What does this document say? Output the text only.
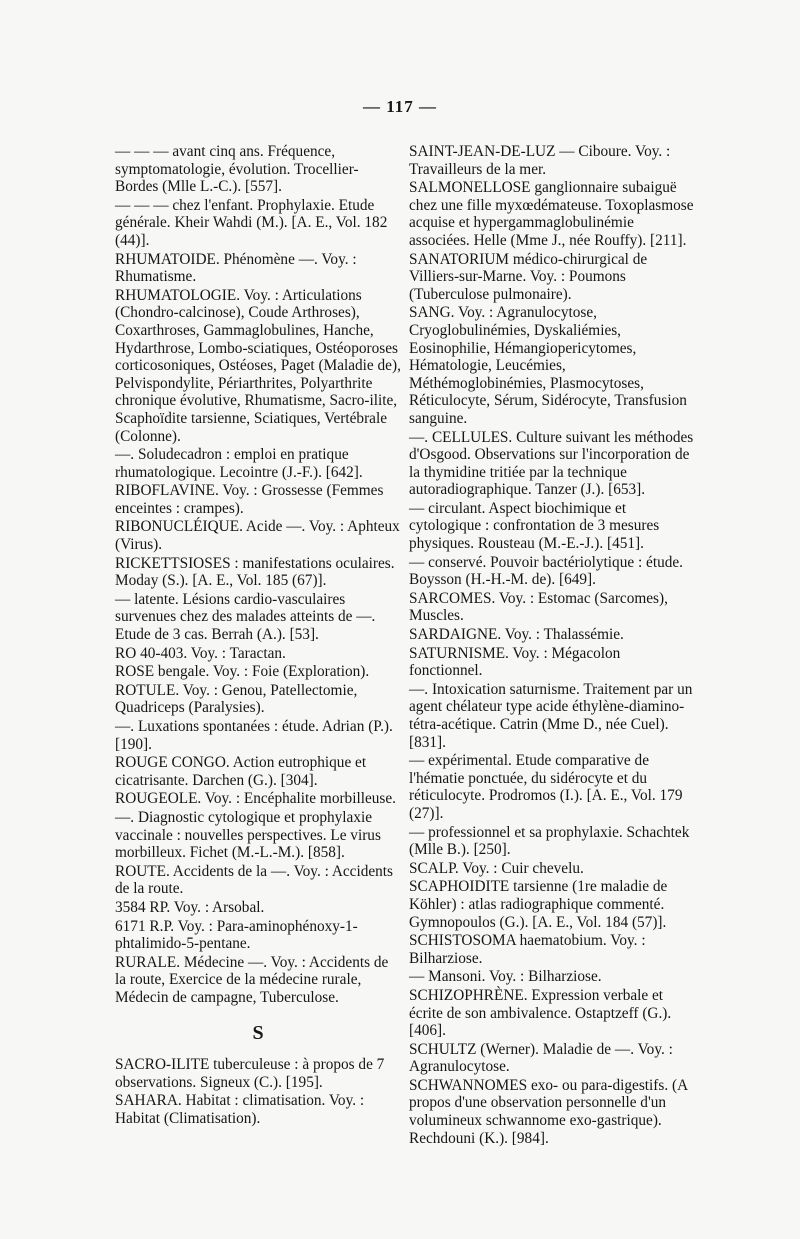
— 117 —

— — — avant cinq ans. Fréquence, symptomatologie, évolution. Trocellier-Bordes (Mlle L.-C.). [557].

— — — chez l'enfant. Prophylaxie. Etude générale. Kheir Wahdi (M.). [A. E., Vol. 182 (44)].

RHUMATOIDE. Phénomène —. Voy. : Rhumatisme.

RHUMATOLOGIE. Voy. : Articulations (Chondro-calcinose), Coude Arthroses), Coxarthroses, Gammaglobulines, Hanche, Hydarthrose, Lombo-sciatiques, Ostéoporoses corticosoniques, Ostéoses, Paget (Maladie de), Pelvispondylite, Périarthrites, Polyarthrite chronique évolutive, Rhumatisme, Sacro-ilite, Scaphoïdite tarsienne, Sciatiques, Vertébrale (Colonne).

—. Soludecadron : emploi en pratique rhumatologique. Lecointre (J.-F.). [642].

RIBOFLAVINE. Voy. : Grossesse (Femmes enceintes : crampes).

RIBONUCLÉIQUE. Acide —. Voy. : Aphteux (Virus).

RICKETTSIOSES : manifestations oculaires. Moday (S.). [A. E., Vol. 185 (67)].

— latente. Lésions cardio-vasculaires survenues chez des malades atteints de —. Etude de 3 cas. Berrah (A.). [53].

RO 40-403. Voy. : Taractan.

ROSE bengale. Voy. : Foie (Exploration).

ROTULE. Voy. : Genou, Patellectomie, Quadriceps (Paralysies).

—. Luxations spontanées : étude. Adrian (P.). [190].

ROUGE CONGO. Action eutrophique et cicatrisante. Darchen (G.). [304].

ROUGEOLE. Voy. : Encéphalite morbilleuse.

—. Diagnostic cytologique et prophylaxie vaccinale : nouvelles perspectives. Le virus morbilleux. Fichet (M.-L.-M.). [858].

ROUTE. Accidents de la —. Voy. : Accidents de la route.

3584 RP. Voy. : Arsobal.

6171 R.P. Voy. : Para-aminophénoxy-1-phtalimido-5-pentane.

RURALE. Médecine —. Voy. : Accidents de la route, Exercice de la médecine rurale, Médecin de campagne, Tuberculose.

S

SACRO-ILITE tuberculeuse : à propos de 7 observations. Signeux (C.). [195].

SAHARA. Habitat : climatisation. Voy. : Habitat (Climatisation).

SAINT-JEAN-DE-LUZ — Ciboure. Voy. : Travailleurs de la mer.

SALMONELLOSE ganglionnaire subaiguë chez une fille myxœdémateuse. Toxoplasmose acquise et hypergammaglobulinémie associées. Helle (Mme J., née Rouffy). [211].

SANATORIUM médico-chirurgical de Villiers-sur-Marne. Voy. : Poumons (Tuberculose pulmonaire).

SANG. Voy. : Agranulocytose, Cryoglobulinémies, Dyskaliémies, Eosinophilie, Hémangiopericytomes, Hématologie, Leucémies, Méthémoglobinémies, Plasmocytoses, Réticulocyte, Sérum, Sidérocyte, Transfusion sanguine.

—. CELLULES. Culture suivant les méthodes d'Osgood. Observations sur l'incorporation de la thymidine tritiée par la technique autoradiographique. Tanzer (J.). [653].

— circulant. Aspect biochimique et cytologique : confrontation de 3 mesures physiques. Rousteau (M.-E.-J.). [451].

— conservé. Pouvoir bactériolytique : étude. Boysson (H.-H.-M. de). [649].

SARCOMES. Voy. : Estomac (Sarcomes), Muscles.

SARDAIGNE. Voy. : Thalassémie.

SATURNISME. Voy. : Mégacolon fonctionnel.

—. Intoxication saturnisme. Traitement par un agent chélateur type acide éthylène-diamino-tétra-acétique. Catrin (Mme D., née Cuel). [831].

— expérimental. Etude comparative de l'hématie ponctuée, du sidérocyte et du réticulocyte. Prodromos (I.). [A. E., Vol. 179 (27)].

— professionnel et sa prophylaxie. Schachtek (Mlle B.). [250].

SCALP. Voy. : Cuir chevelu.

SCAPHOIDITE tarsienne (1re maladie de Köhler) : atlas radiographique commenté. Gymnopoulos (G.). [A. E., Vol. 184 (57)].

SCHISTOSOMA haematobium. Voy. : Bilharziose.

— Mansoni. Voy. : Bilharziose.

SCHIZOPHRÈNE. Expression verbale et écrite de son ambivalence. Ostaptzeff (G.). [406].

SCHULTZ (Werner). Maladie de —. Voy. : Agranulocytose.

SCHWANNOMES exo- ou para-digestifs. (A propos d'une observation personnelle d'un volumineux schwannome exo-gastrique). Rechdouni (K.). [984].
